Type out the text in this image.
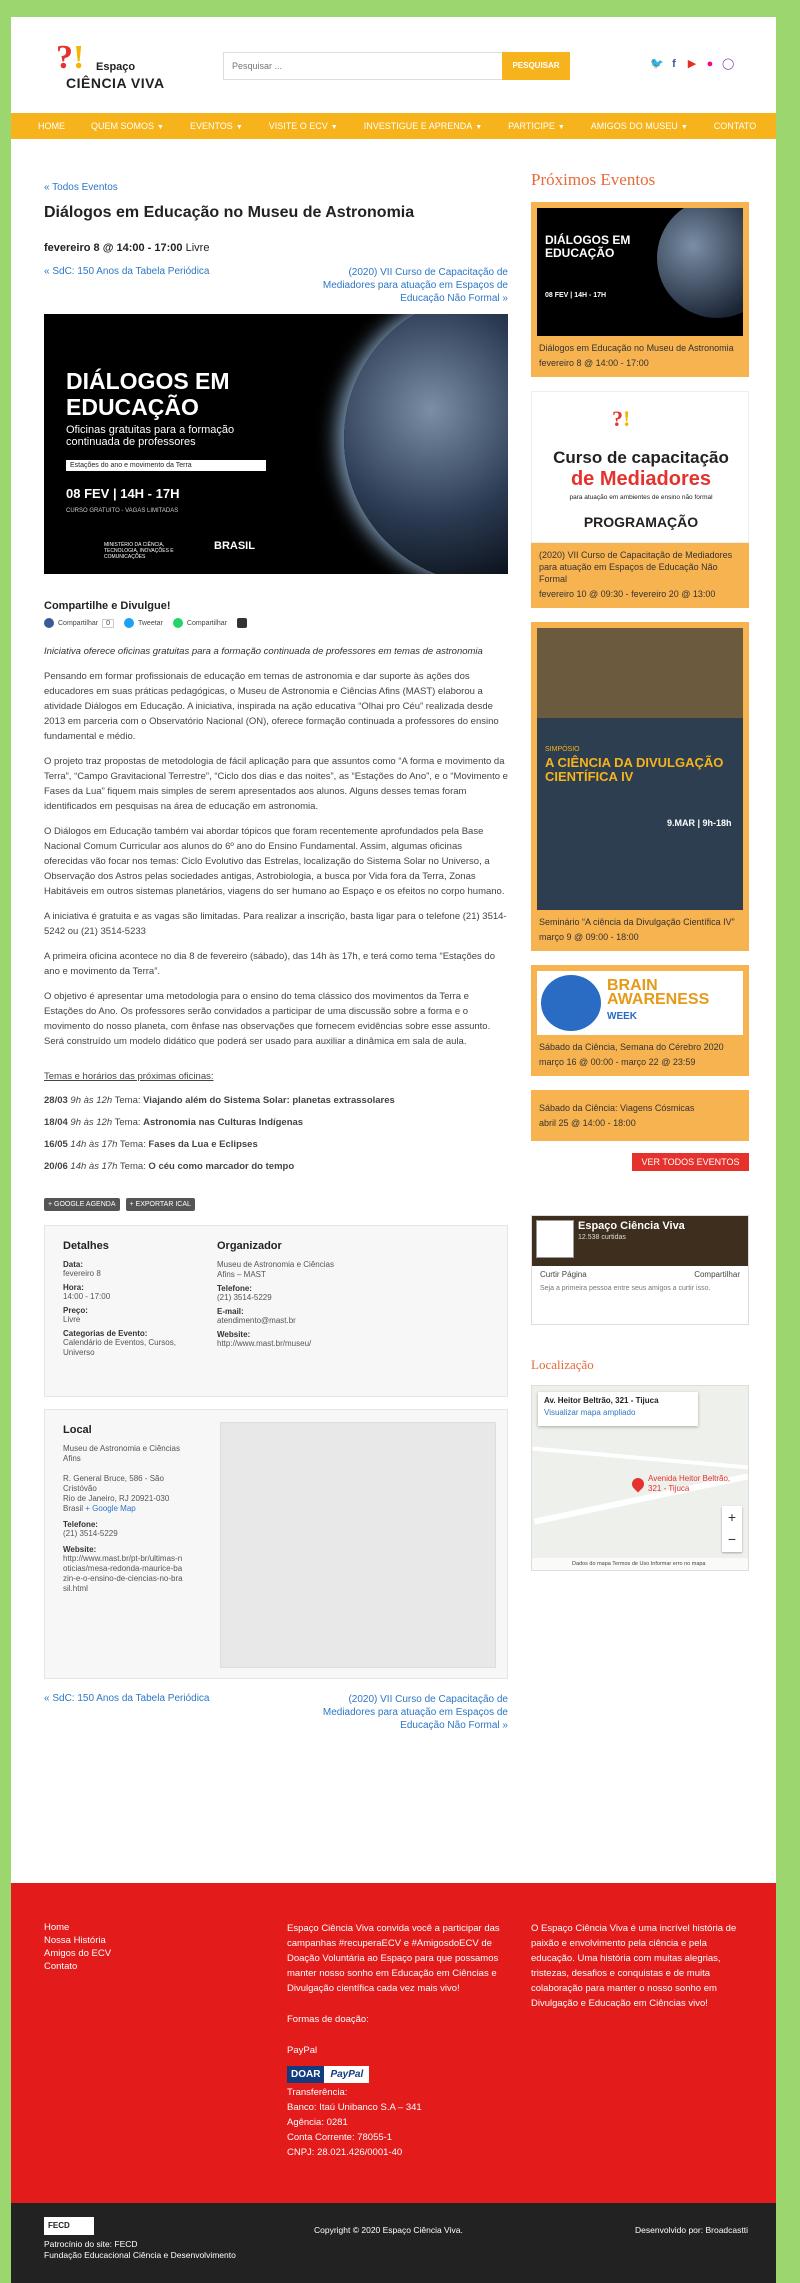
?! Espaço
CIÊNCIA VIVA
Pesquisar ...
PESQUISAR	🐦 f	▶ ● ◯
HOME	QUEM SOMOS ▼	EVENTOS ▼	VISITE O ECV ▼	INVESTIGUE E APRENDA ▼	PARTICIPE ▼	AMIGOS DO MUSEU ▼	CONTATO
« Todos Eventos
Diálogos em Educação no Museu de Astronomia
fevereiro 8 @ 14:00 - 17:00 Livre
« SdC: 150 Anos da Tabela Periódica	(2020) VII Curso de Capacitação de Mediadores para atuação em Espaços de Educação Não Formal »
DIÁLOGOS EM
EDUCAÇÃO
Oficinas gratuitas para a formação
continuada de professores
Estações do ano e movimento da Terra
08 FEV | 14H - 17H
CURSO GRATUITO - VAGAS LIMITADAS
MINISTÉRIO DA CIÊNCIA, TECNOLOGIA, INOVAÇÕES E COMUNICAÇÕES
BRASIL
Compartilhe e Divulgue!
Compartilhar	0	Tweetar	Compartilhar

Iniciativa oferece oficinas gratuitas para a formação continuada de professores em temas de astronomia

Pensando em formar profissionais de educação em temas de astronomia e dar suporte às ações dos educadores em suas práticas pedagógicas, o Museu de Astronomia e Ciências Afins (MAST) elaborou a atividade Diálogos em Educação. A iniciativa, inspirada na ação educativa “Olhai pro Céu” realizada desde 2013 em parceria com o Observatório Nacional (ON), oferece formação continuada a professores do ensino fundamental e médio.

O projeto traz propostas de metodologia de fácil aplicação para que assuntos como “A forma e movimento da Terra”, “Campo Gravitacional Terrestre”, “Ciclo dos dias e das noites”, as “Estações do Ano”, e o “Movimento e Fases da Lua” fiquem mais simples de serem apresentados aos alunos. Alguns desses temas foram identificados em pesquisas na área de educação em astronomia.

O Diálogos em Educação também vai abordar tópicos que foram recentemente aprofundados pela Base Nacional Comum Curricular aos alunos do 6º ano do Ensino Fundamental. Assim, algumas oficinas oferecidas vão focar nos temas: Ciclo Evolutivo das Estrelas, localização do Sistema Solar no Universo, a Observação dos Astros pelas sociedades antigas, Astrobiologia, a busca por Vida fora da Terra, Zonas Habitáveis em outros sistemas planetários, viagens do ser humano ao Espaço e os efeitos no corpo humano.

A iniciativa é gratuita e as vagas são limitadas. Para realizar a inscrição, basta ligar para o telefone (21) 3514-5242 ou (21) 3514-5233

A primeira oficina acontece no dia 8 de fevereiro (sábado), das 14h às 17h, e terá como tema “Estações do ano e movimento da Terra”.

O objetivo é apresentar uma metodologia para o ensino do tema clássico dos movimentos da Terra e Estações do Ano. Os professores serão convidados a participar de uma discussão sobre a forma e o movimento do nosso planeta, com ênfase nas observações que fornecem evidências sobre esse assunto. Será construído um modelo didático que poderá ser usado para auxiliar a dinâmica em sala de aula.

Temas e horários das próximas oficinas:

28/03 9h às 12h Tema: Viajando além do Sistema Solar: planetas extrassolares
18/04 9h às 12h Tema: Astronomia nas Culturas Indígenas
16/05 14h às 17h Tema: Fases da Lua e Eclipses
20/06 14h às 17h Tema: O céu como marcador do tempo
+ GOOGLE AGENDA	+ EXPORTAR ICAL
Detalhes
Data:
fevereiro 8
Hora:
14:00 - 17:00
Preço:
Livre
Categorias de Evento:
Calendário de Eventos, Cursos, Universo
Organizador
Museu de Astronomia e Ciências Afins – MAST
Telefone:
(21) 3514-5229
E-mail:
atendimento@mast.br
Website:
http://www.mast.br/museu/
Local
Museu de Astronomia e Ciências Afins
R. General Bruce, 586 - São Cristóvão
Rio de Janeiro, RJ 20921-030 Brasil + Google Map
Telefone:
(21) 3514-5229
Website:
http://www.mast.br/pt-br/ultimas-noticias/mesa-redonda-maurice-bazin-e-o-ensino-de-ciencias-no-brasil.html
« SdC: 150 Anos da Tabela Periódica	(2020) VII Curso de Capacitação de Mediadores para atuação em Espaços de Educação Não Formal »
Próximos Eventos
DIÁLOGOS EM
EDUCAÇÃO
08 FEV | 14H - 17H
Diálogos em Educação no Museu de Astronomia
fevereiro 8 @ 14:00 - 17:00
?!
Curso de capacitação
de Mediadores
para atuação em ambientes de ensino não formal
PROGRAMAÇÃO
(2020) VII Curso de Capacitação de Mediadores para atuação em Espaços de Educação Não Formal
fevereiro 10 @ 09:30 - fevereiro 20 @ 13:00
SIMPÓSIO
A CIÊNCIA DA DIVULGAÇÃO CIENTÍFICA IV
9.MAR | 9h-18h
Seminário “A ciência da Divulgação Científica IV”
março 9 @ 09:00 - 18:00
BRAIN
AWARENESS
WEEK
Sábado da Ciência, Semana do Cérebro 2020
março 16 @ 00:00 - março 22 @ 23:59
Sábado da Ciência: Viagens Cósmicas
abril 25 @ 14:00 - 18:00
VER TODOS EVENTOS
Espaço Ciência Viva
12.538 curtidas
Curtir Página	Compartilhar
Seja a primeira pessoa entre seus amigos a curtir isso.
Localização
Av. Heitor Beltrão, 321 - Tijuca
Visualizar mapa ampliado
Avenida Heitor Beltrão, 321 - Tijuca
+
−
Dados do mapa Termos de Uso Informar erro no mapa
Home
Nossa História
Amigos do ECV
Contato
Espaço Ciência Viva convida você a participar das campanhas #recuperaECV e #AmigosdoECV de Doação Voluntária ao Espaço para que possamos manter nosso sonho em Educação em Ciências e Divulgação científica cada vez mais vivo!
Formas de doação:
PayPal
DOAR	PayPal
Transferência:
Banco: Itaú Unibanco S.A – 341
Agência: 0281
Conta Corrente: 78055-1
CNPJ: 28.021.426/0001-40
O Espaço Ciência Viva é uma incrível história de paixão e envolvimento pela ciência e pela educação. Uma história com muitas alegrias, tristezas, desafios e conquistas e de muita colaboração para manter o nosso sonho em Divulgação e Educação em Ciências vivo!
FECD
Patrocínio do site: FECD
Fundação Educacional Ciência e Desenvolvimento
Copyright © 2020 Espaço Ciência Viva.	Desenvolvido por: Broadcastti
